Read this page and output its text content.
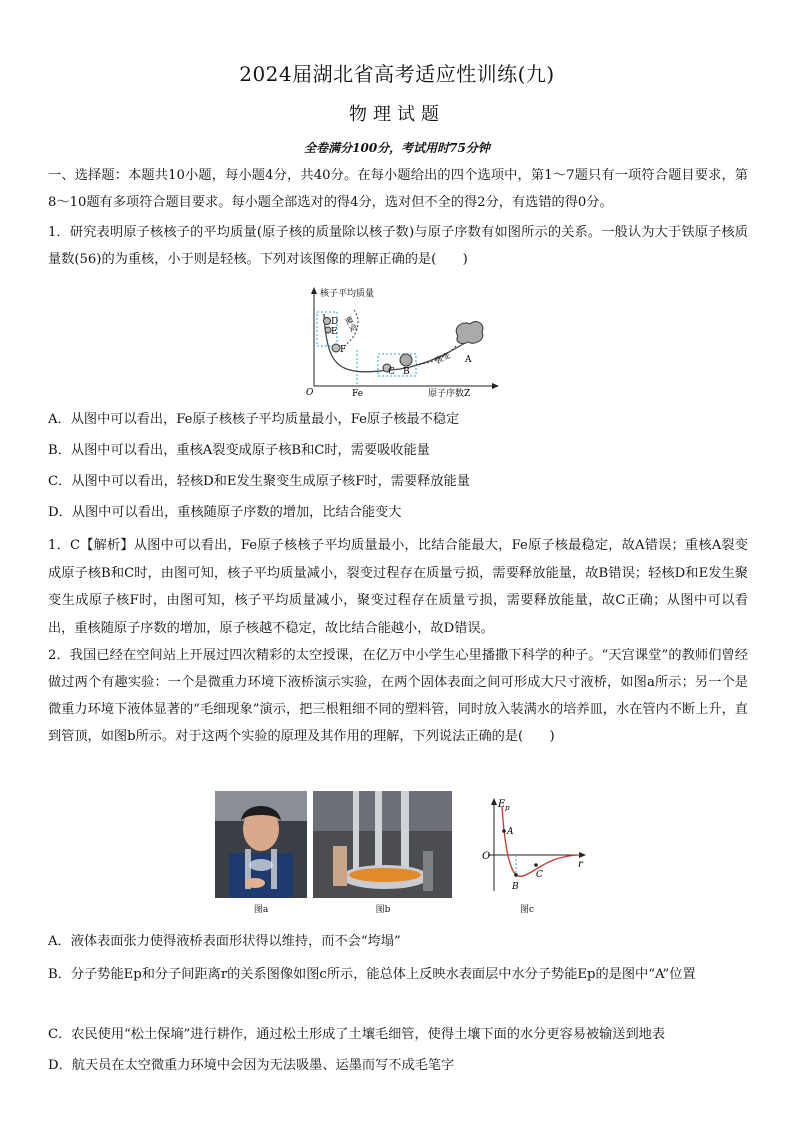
2024届湖北省高考适应性训练(九)
物理试题
全卷满分100分，考试用时75分钟
一、选择题：本题共10小题，每小题4分，共40分。在每小题给出的四个选项中，第1～7题只有一项符合题目要求，第8～10题有多项符合题目要求。每小题全部选对的得4分，选对但不全的得2分，有选错的得0分。
1．研究表明原子核核子的平均质量(原子核的质量除以核子数)与原子序数有如图所示的关系。一般认为大于铁原子核质量数(56)的为重核，小于则是轻核。下列对该图像的理解正确的是(　　)
核子平均质量
原子序数Z
O	Fe
D
E
F
C B
A
聚变
裂变
A．从图中可以看出，Fe原子核核子平均质量最小，Fe原子核最不稳定
B．从图中可以看出，重核A裂变成原子核B和C时，需要吸收能量
C．从图中可以看出，轻核D和E发生聚变生成原子核F时，需要释放能量
D．从图中可以看出，重核随原子序数的增加，比结合能变大
1．C【解析】从图中可以看出，Fe原子核核子平均质量最小，比结合能最大，Fe原子核最稳定，故A错误；重核A裂变成原子核B和C时，由图可知，核子平均质量减小，裂变过程存在质量亏损，需要释放能量，故B错误；轻核D和E发生聚变生成原子核F时，由图可知，核子平均质量减小，聚变过程存在质量亏损，需要释放能量，故C正确；从图中可以看出，重核随原子序数的增加，原子核越不稳定，故比结合能越小，故D错误。
2．我国已经在空间站上开展过四次精彩的太空授课，在亿万中小学生心里播撒下科学的种子。“天宫课堂”的教师们曾经做过两个有趣实验：一个是微重力环境下液桥演示实验，在两个固体表面之间可形成大尺寸液桥，如图a所示；另一个是微重力环境下液体显著的“毛细现象”演示，把三根粗细不同的塑料管，同时放入装满水的培养皿，水在管内不断上升，直到管顶，如图b所示。对于这两个实验的原理及其作用的理解，下列说法正确的是(　　)
E p
r
O
A
B
C
图a	图b	图c
A．液体表面张力使得液桥表面形状得以维持，而不会“垮塌”
B．分子势能Ep和分子间距离r的关系图像如图c所示，能总体上反映水表面层中水分子势能Ep的是图中“A”位置
C．农民使用“松土保墒”进行耕作，通过松土形成了土壤毛细管，使得土壤下面的水分更容易被输送到地表
D．航天员在太空微重力环境中会因为无法吸墨、运墨而写不成毛笔字
